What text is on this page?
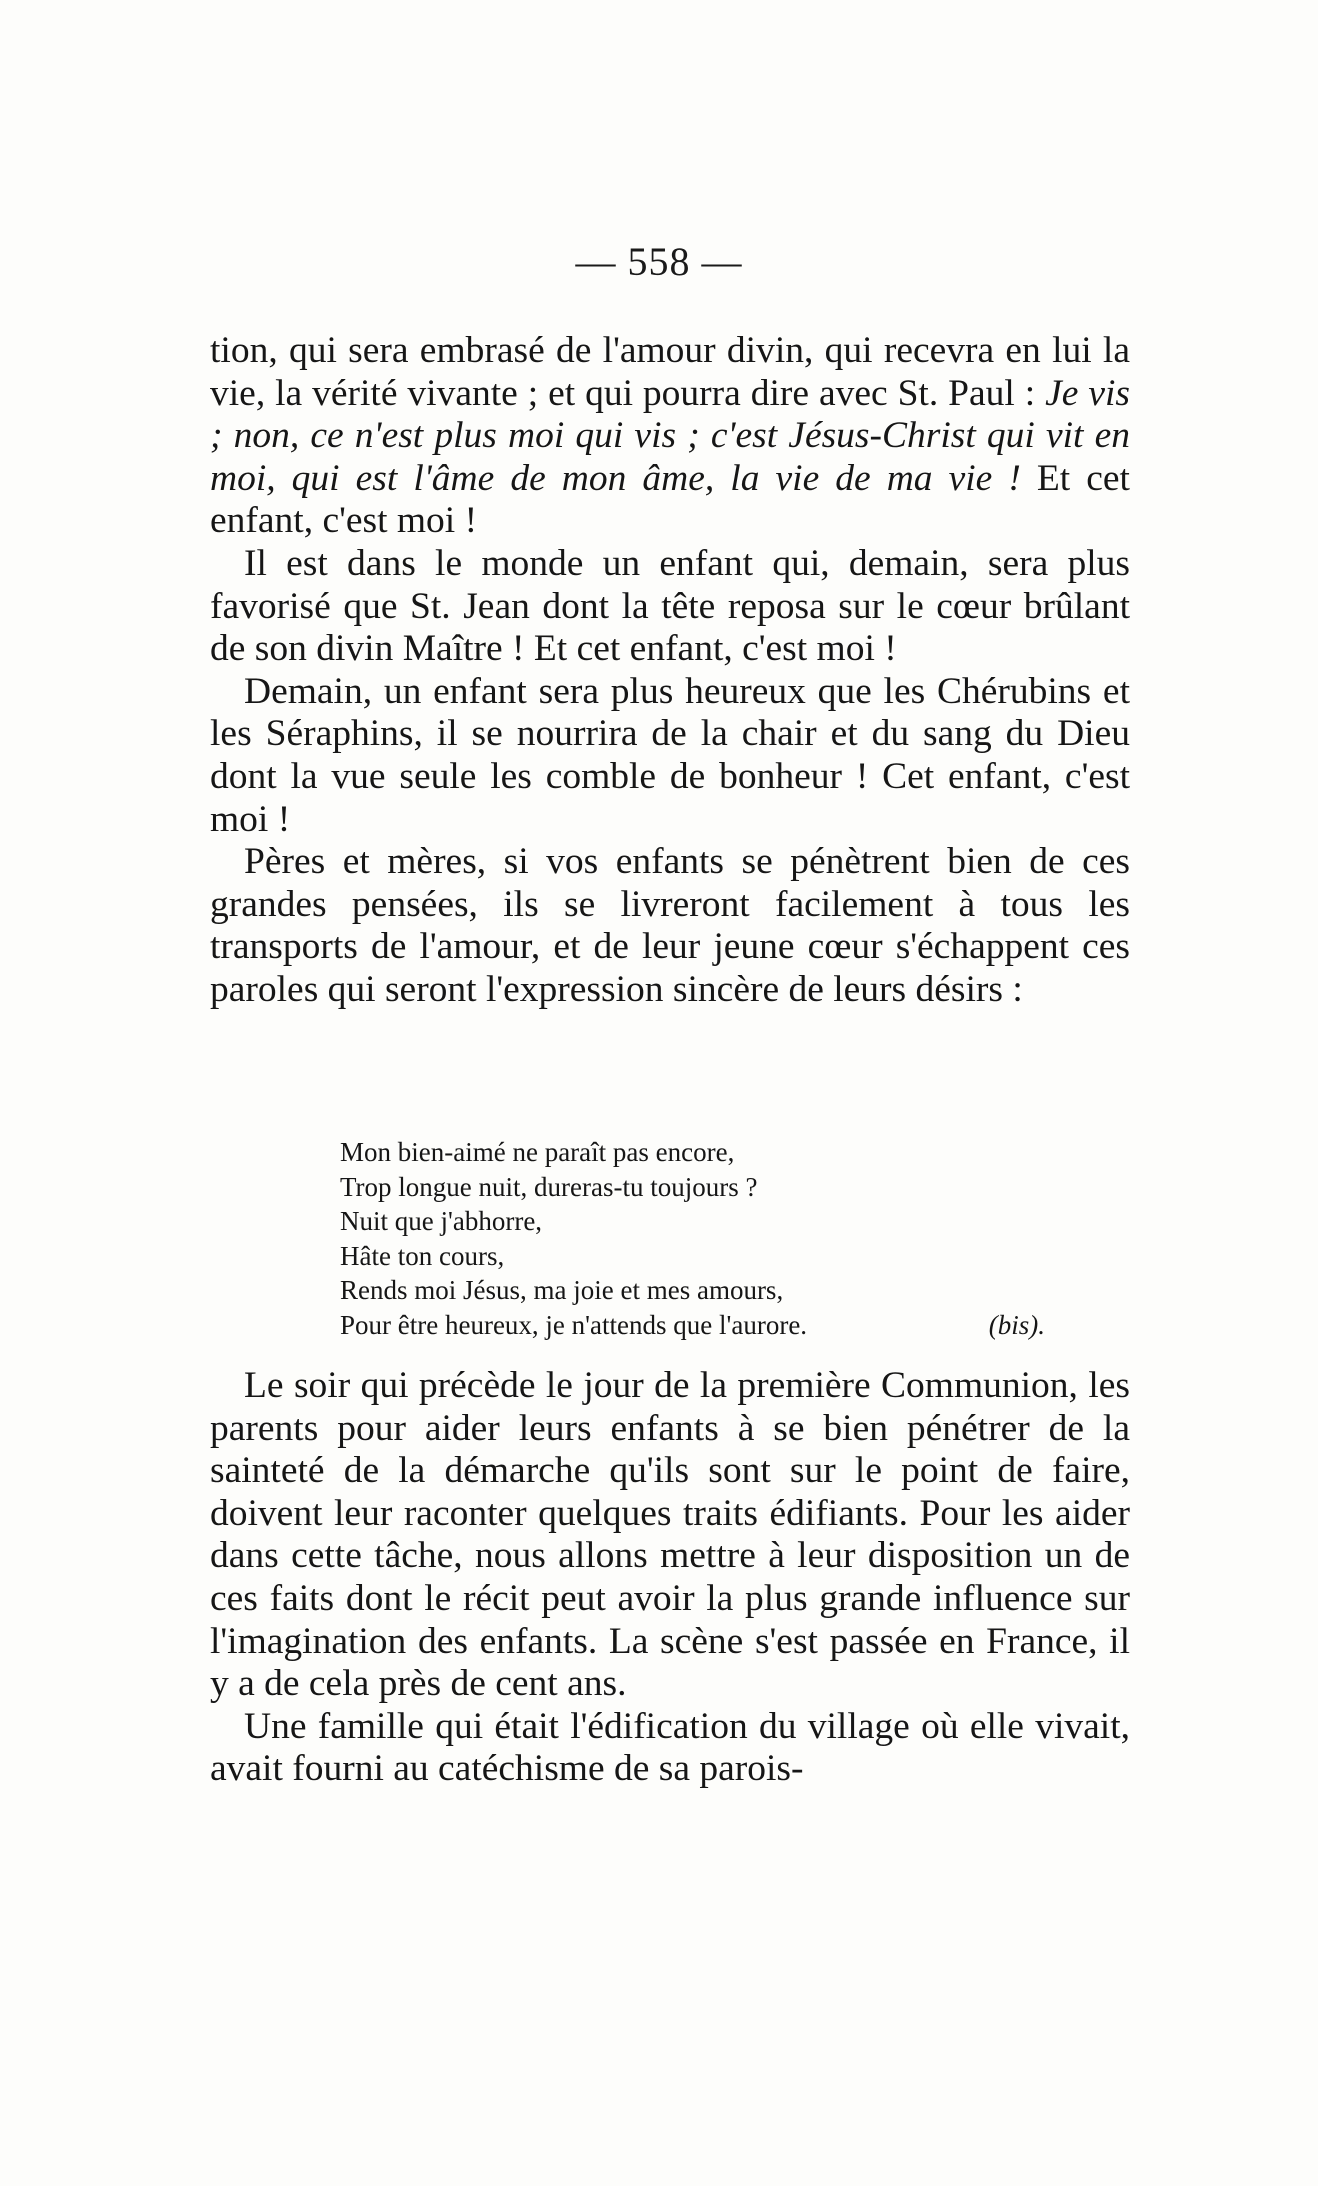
— 558 —

tion, qui sera embrasé de l'amour divin, qui recevra en lui la vie, la vérité vivante ; et qui pourra dire avec St. Paul : Je vis ; non, ce n'est plus moi qui vis ; c'est Jésus-Christ qui vit en moi, qui est l'âme de mon âme, la vie de ma vie ! Et cet enfant, c'est moi !

Il est dans le monde un enfant qui, demain, sera plus favorisé que St. Jean dont la tête reposa sur le cœur brûlant de son divin Maître ! Et cet enfant, c'est moi !

Demain, un enfant sera plus heureux que les Chérubins et les Séraphins, il se nourrira de la chair et du sang du Dieu dont la vue seule les comble de bonheur ! Cet enfant, c'est moi !

Pères et mères, si vos enfants se pénètrent bien de ces grandes pensées, ils se livreront facilement à tous les transports de l'amour, et de leur jeune cœur s'échappent ces paroles qui seront l'expression sincère de leurs désirs :

Mon bien-aimé ne paraît pas encore,
Trop longue nuit, dureras-tu toujours ?
Nuit que j'abhorre,
Hâte ton cours,
Rends moi Jésus, ma joie et mes amours,
Pour être heureux, je n'attends que l'aurore.	(bis).

Le soir qui précède le jour de la première Communion, les parents pour aider leurs enfants à se bien pénétrer de la sainteté de la démarche qu'ils sont sur le point de faire, doivent leur raconter quelques traits édifiants. Pour les aider dans cette tâche, nous allons mettre à leur disposition un de ces faits dont le récit peut avoir la plus grande influence sur l'imagination des enfants. La scène s'est passée en France, il y a de cela près de cent ans.

Une famille qui était l'édification du village où elle vivait, avait fourni au catéchisme de sa parois-
